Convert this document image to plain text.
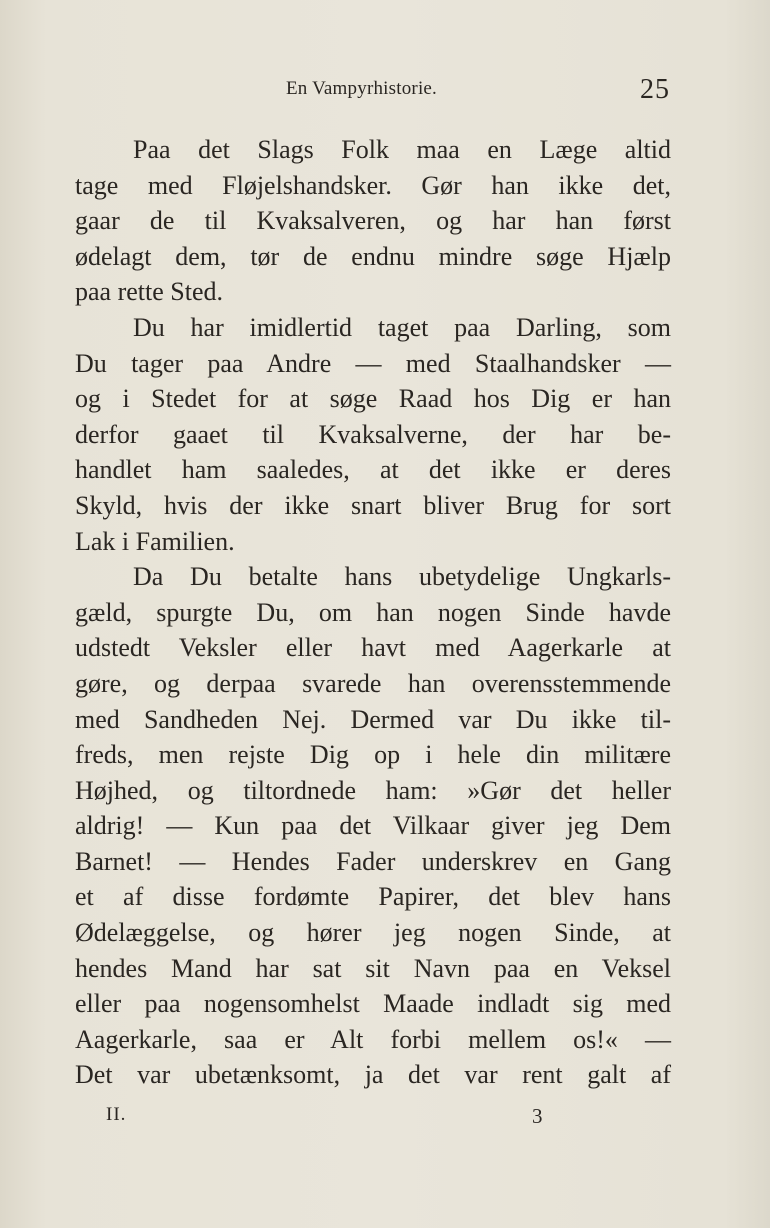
En Vampyrhistorie.	25
Paa det Slags Folk maa en Læge altid
tage med Fløjelshandsker. Gør han ikke det,
gaar de til Kvaksalveren, og har han først
ødelagt dem, tør de endnu mindre søge Hjælp
paa rette Sted.
Du har imidlertid taget paa Darling, som
Du tager paa Andre — med Staalhandsker —
og i Stedet for at søge Raad hos Dig er han
derfor gaaet til Kvaksalverne, der har be-
handlet ham saaledes, at det ikke er deres
Skyld, hvis der ikke snart bliver Brug for sort
Lak i Familien.
Da Du betalte hans ubetydelige Ungkarls-
gæld, spurgte Du, om han nogen Sinde havde
udstedt Veksler eller havt med Aagerkarle at
gøre, og derpaa svarede han overensstemmende
med Sandheden Nej. Dermed var Du ikke til-
freds, men rejste Dig op i hele din militære
Højhed, og tiltordnede ham: »Gør det heller
aldrig! — Kun paa det Vilkaar giver jeg Dem
Barnet! — Hendes Fader underskrev en Gang
et af disse fordømte Papirer, det blev hans
Ødelæggelse, og hører jeg nogen Sinde, at
hendes Mand har sat sit Navn paa en Veksel
eller paa nogensomhelst Maade indladt sig med
Aagerkarle, saa er Alt forbi mellem os!« —
Det var ubetænksomt, ja det var rent galt af
II.	3
